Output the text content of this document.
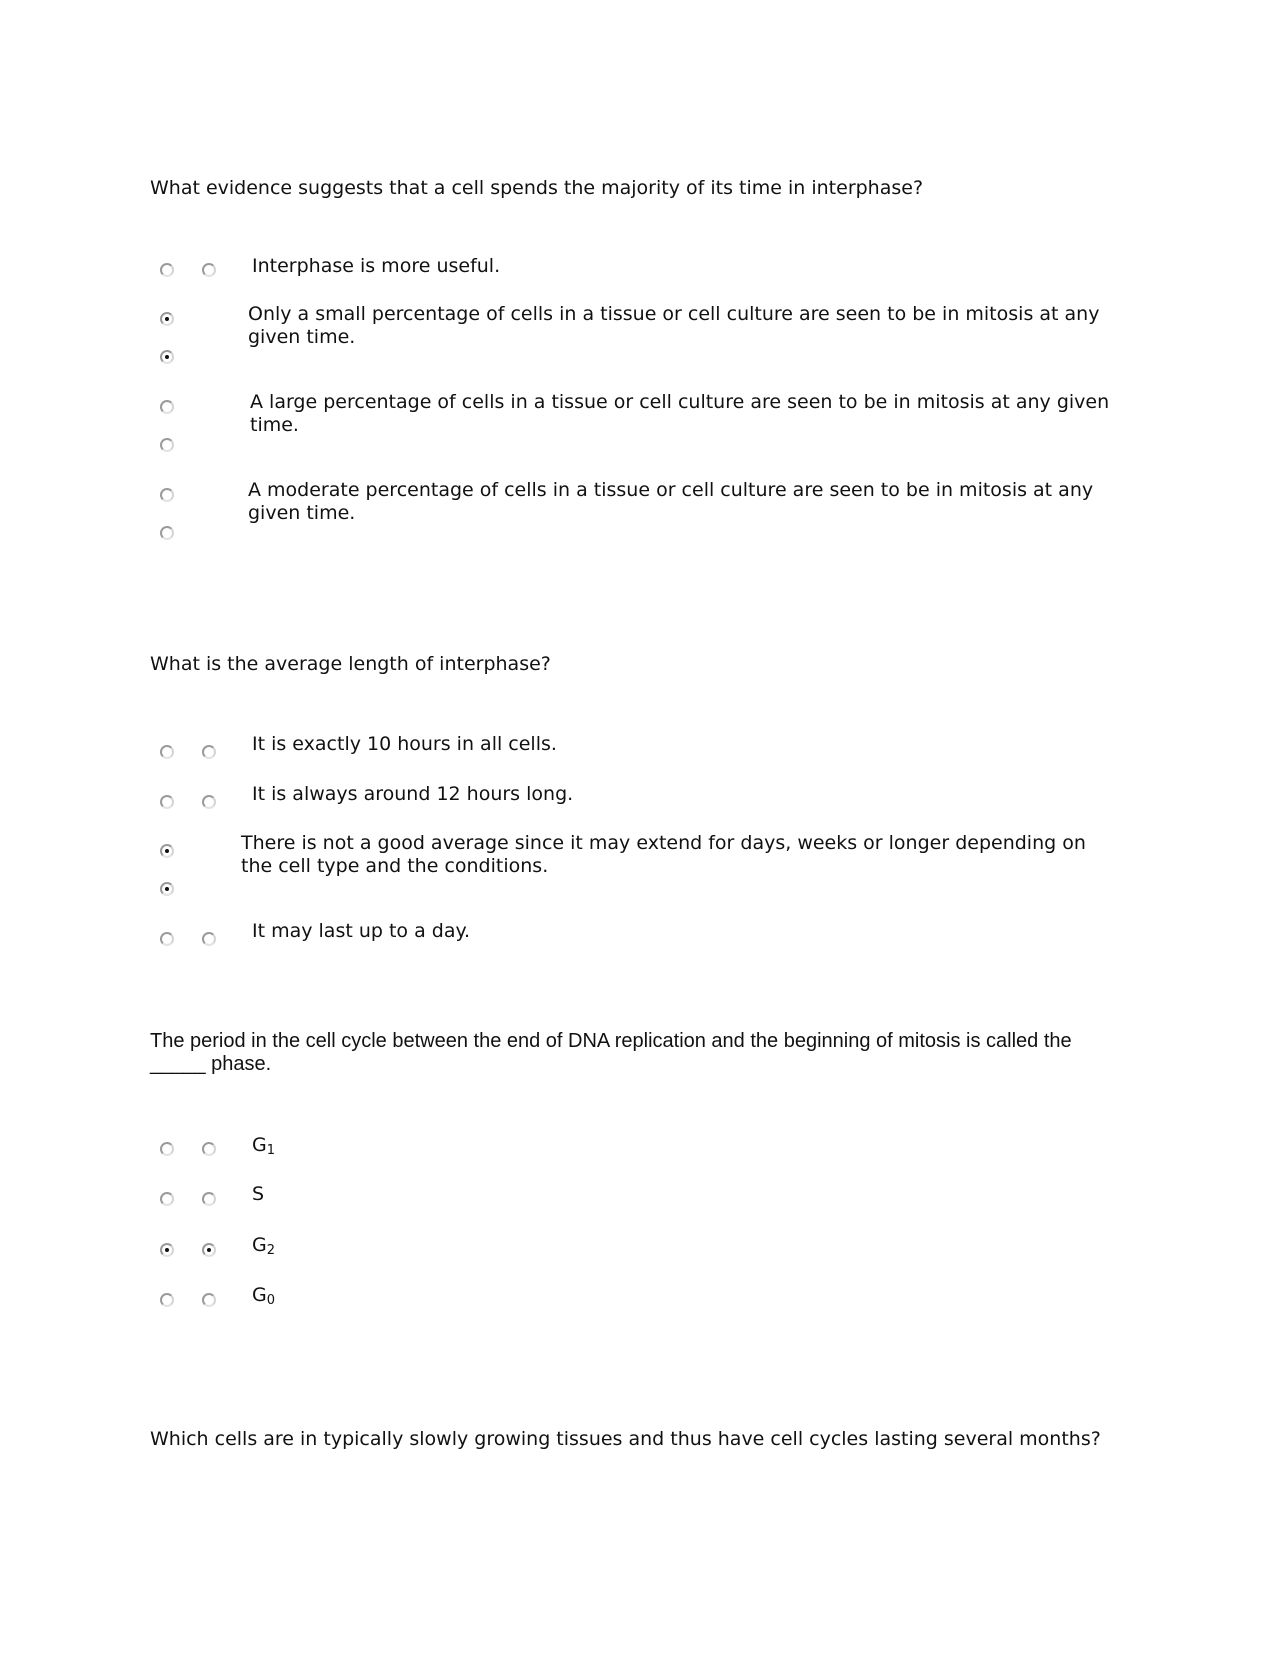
What evidence suggests that a cell spends the majority of its time in interphase?

Interphase is more useful.
Only a small percentage of cells in a tissue or cell culture are seen to be in mitosis at any given time.
A large percentage of cells in a tissue or cell culture are seen to be in mitosis at any given time.
A moderate percentage of cells in a tissue or cell culture are seen to be in mitosis at any given time.

What is the average length of interphase?

It is exactly 10 hours in all cells.
It is always around 12 hours long.
There is not a good average since it may extend for days, weeks or longer depending on the cell type and the conditions.
It may last up to a day.

The period in the cell cycle between the end of DNA replication and the beginning of mitosis is called the _____ phase.

$G_1$
S
$G_2$
$G_0$

Which cells are in typically slowly growing tissues and thus have cell cycles lasting several months?
